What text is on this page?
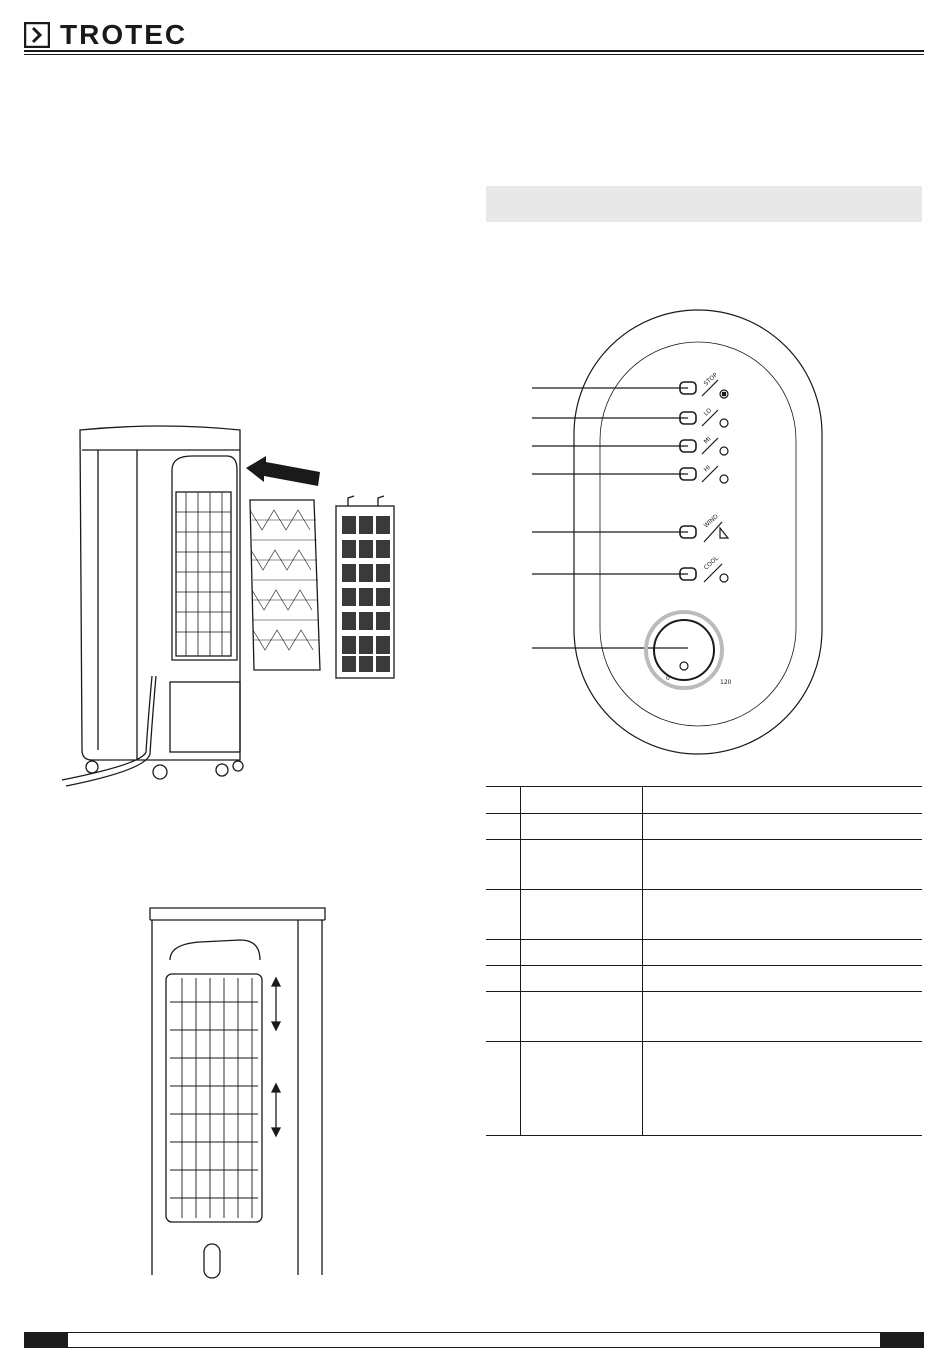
TROTEC
STOP
LO
MI
HI
WIND
COOL
0
120
